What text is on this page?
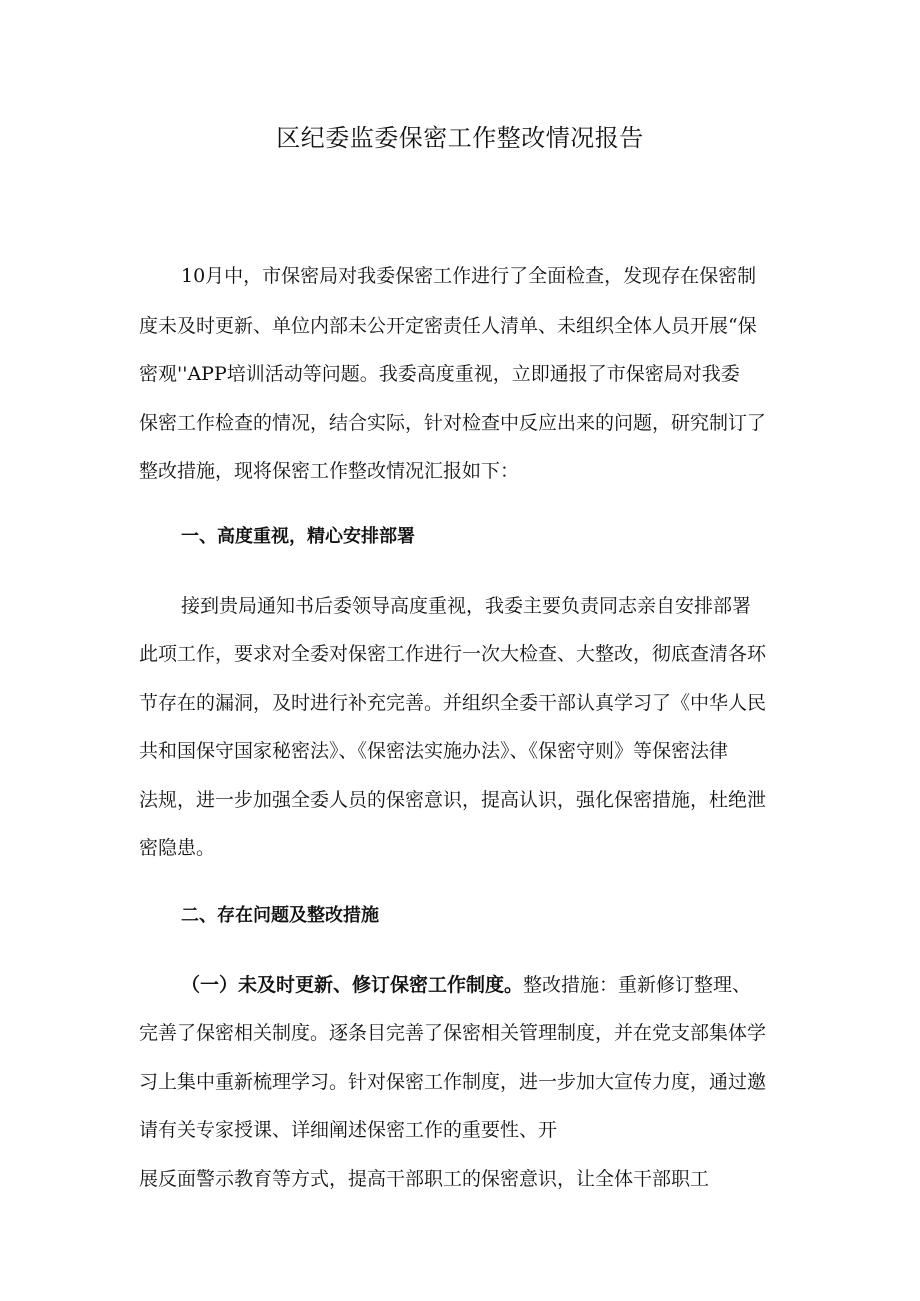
区纪委监委保密工作整改情况报告
10月中，市保密局对我委保密工作进行了全面检查，发现存在保密制
度未及时更新、单位内部未公开定密责任人清单、未组织全体人员开展“保
密观''APP培训活动等问题。我委高度重视，立即通报了市保密局对我委
保密工作检查的情况，结合实际，针对检查中反应出来的问题，研究制订了
整改措施，现将保密工作整改情况汇报如下：
一、高度重视，精心安排部署
接到贵局通知书后委领导高度重视，我委主要负责同志亲自安排部署
此项工作，要求对全委对保密工作进行一次大检查、大整改，彻底查清各环
节存在的漏洞，及时进行补充完善。并组织全委干部认真学习了《中华人民
共和国保守国家秘密法》、《保密法实施办法》、《保密守则》等保密法律
法规，进一步加强全委人员的保密意识，提高认识，强化保密措施，杜绝泄
密隐患。
二、存在问题及整改措施
（一）未及时更新、修订保密工作制度。整改措施：重新修订整理、
完善了保密相关制度。逐条目完善了保密相关管理制度，并在党支部集体学
习上集中重新梳理学习。针对保密工作制度，进一步加大宣传力度，通过邀
请有关专家授课、详细阐述保密工作的重要性、开
展反面警示教育等方式，提高干部职工的保密意识，让全体干部职工
